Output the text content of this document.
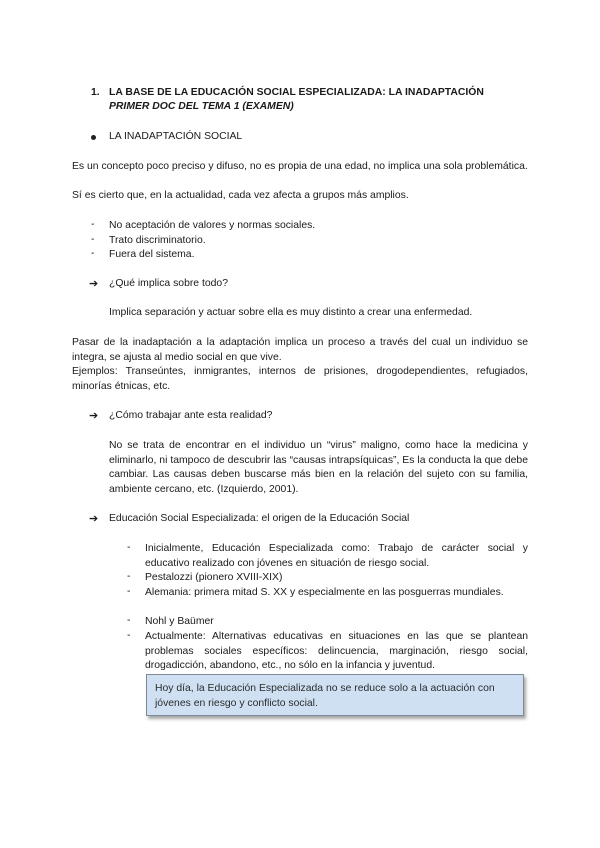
1. LA BASE DE LA EDUCACIÓN SOCIAL ESPECIALIZADA: LA INADAPTACIÓN
PRIMER DOC DEL TEMA 1 (EXAMEN)
LA INADAPTACIÓN SOCIAL
Es un concepto poco preciso y difuso, no es propia de una edad, no implica una sola problemática.
Sí es cierto que, en la actualidad, cada vez afecta a grupos más amplios.
- No aceptación de valores y normas sociales.
- Trato discriminatorio.
- Fuera del sistema.
➔ ¿Qué implica sobre todo?
Implica separación y actuar sobre ella es muy distinto a crear una enfermedad.
Pasar de la inadaptación a la adaptación implica un proceso a través del cual un individuo se integra, se ajusta al medio social en que vive.
Ejemplos: Transeúntes, inmigrantes, internos de prisiones, drogodependientes, refugiados, minorías étnicas, etc.
➔ ¿Cómo trabajar ante esta realidad?
No se trata de encontrar en el individuo un “virus” maligno, como hace la medicina y eliminarlo, ni tampoco de descubrir las “causas intrapsíquicas”, Es la conducta la que debe cambiar. Las causas deben buscarse más bien en la relación del sujeto con su familia, ambiente cercano, etc. (Izquierdo, 2001).
➔ Educación Social Especializada: el origen de la Educación Social
- Inicialmente, Educación Especializada como: Trabajo de carácter social y educativo realizado con jóvenes en situación de riesgo social.
- Pestalozzi (pionero XVIII-XIX)
- Alemania: primera mitad S. XX y especialmente en las posguerras mundiales.
- Nohl y Baümer
- Actualmente: Alternativas educativas en situaciones en las que se plantean problemas sociales específicos: delincuencia, marginación, riesgo social, drogadicción, abandono, etc., no sólo en la infancia y juventud.
Hoy día, la Educación Especializada no se reduce solo a la actuación con jóvenes en riesgo y conflicto social.
